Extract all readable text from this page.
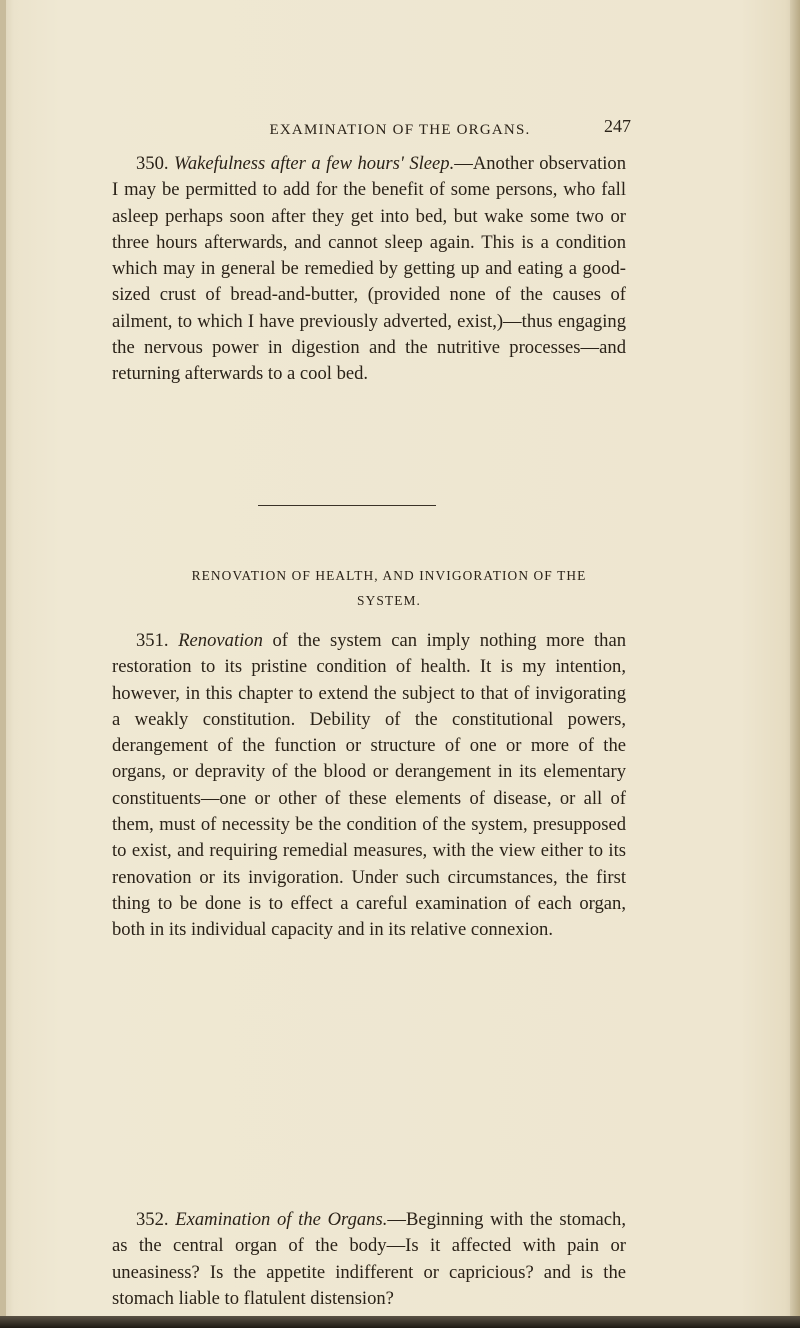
EXAMINATION OF THE ORGANS.	247

350. Wakefulness after a few hours' Sleep.—Another observation I may be permitted to add for the benefit of some persons, who fall asleep perhaps soon after they get into bed, but wake some two or three hours afterwards, and cannot sleep again. This is a condition which may in general be remedied by getting up and eating a good-sized crust of bread-and-butter, (provided none of the causes of ailment, to which I have previously adverted, exist,)—thus engaging the nervous power in digestion and the nutritive processes—and returning afterwards to a cool bed.

RENOVATION OF HEALTH, AND INVIGORATION OF THE
SYSTEM.

351. Renovation of the system can imply nothing more than restoration to its pristine condition of health. It is my intention, however, in this chapter to extend the subject to that of invigorating a weakly constitution. Debility of the constitutional powers, derangement of the function or structure of one or more of the organs, or depravity of the blood or derangement in its elementary constituents—one or other of these elements of disease, or all of them, must of necessity be the condition of the system, presupposed to exist, and requiring remedial measures, with the view either to its renovation or its invigoration. Under such circumstances, the first thing to be done is to effect a careful examination of each organ, both in its individual capacity and in its relative connexion.

352. Examination of the Organs.—Beginning with the stomach, as the central organ of the body—Is it affected with pain or uneasiness? Is the appetite indifferent or capricious? and is the stomach liable to flatulent distension?
